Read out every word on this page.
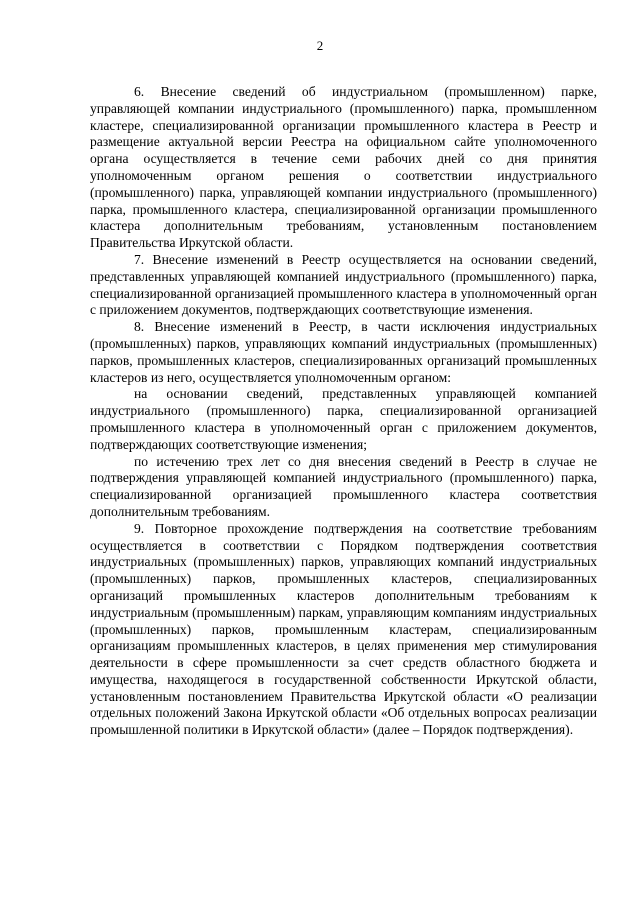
2

6. Внесение сведений об индустриальном (промышленном) парке, управляющей компании индустриального (промышленного) парка, промышленном кластере, специализированной организации промышленного кластера в Реестр и размещение актуальной версии Реестра на официальном сайте уполномоченного органа осуществляется в течение семи рабочих дней со дня принятия уполномоченным органом решения о соответствии индустриального (промышленного) парка, управляющей компании индустриального (промышленного) парка, промышленного кластера, специализированной организации промышленного кластера дополнительным требованиям, установленным постановлением Правительства Иркутской области.

7. Внесение изменений в Реестр осуществляется на основании сведений, представленных управляющей компанией индустриального (промышленного) парка, специализированной организацией промышленного кластера в уполномоченный орган с приложением документов, подтверждающих соответствующие изменения.

8. Внесение изменений в Реестр, в части исключения индустриальных (промышленных) парков, управляющих компаний индустриальных (промышленных) парков, промышленных кластеров, специализированных организаций промышленных кластеров из него, осуществляется уполномоченным органом:

на основании сведений, представленных управляющей компанией индустриального (промышленного) парка, специализированной организацией промышленного кластера в уполномоченный орган с приложением документов, подтверждающих соответствующие изменения;

по истечению трех лет со дня внесения сведений в Реестр в случае не подтверждения управляющей компанией индустриального (промышленного) парка, специализированной организацией промышленного кластера соответствия дополнительным требованиям.

9. Повторное прохождение подтверждения на соответствие требованиям осуществляется в соответствии с Порядком подтверждения соответствия индустриальных (промышленных) парков, управляющих компаний индустриальных (промышленных) парков, промышленных кластеров, специализированных организаций промышленных кластеров дополнительным требованиям к индустриальным (промышленным) паркам, управляющим компаниям индустриальных (промышленных) парков, промышленным кластерам, специализированным организациям промышленных кластеров, в целях применения мер стимулирования деятельности в сфере промышленности за счет средств областного бюджета и имущества, находящегося в государственной собственности Иркутской области, установленным постановлением Правительства Иркутской области «О реализации отдельных положений Закона Иркутской области «Об отдельных вопросах реализации промышленной политики в Иркутской области» (далее – Порядок подтверждения).
